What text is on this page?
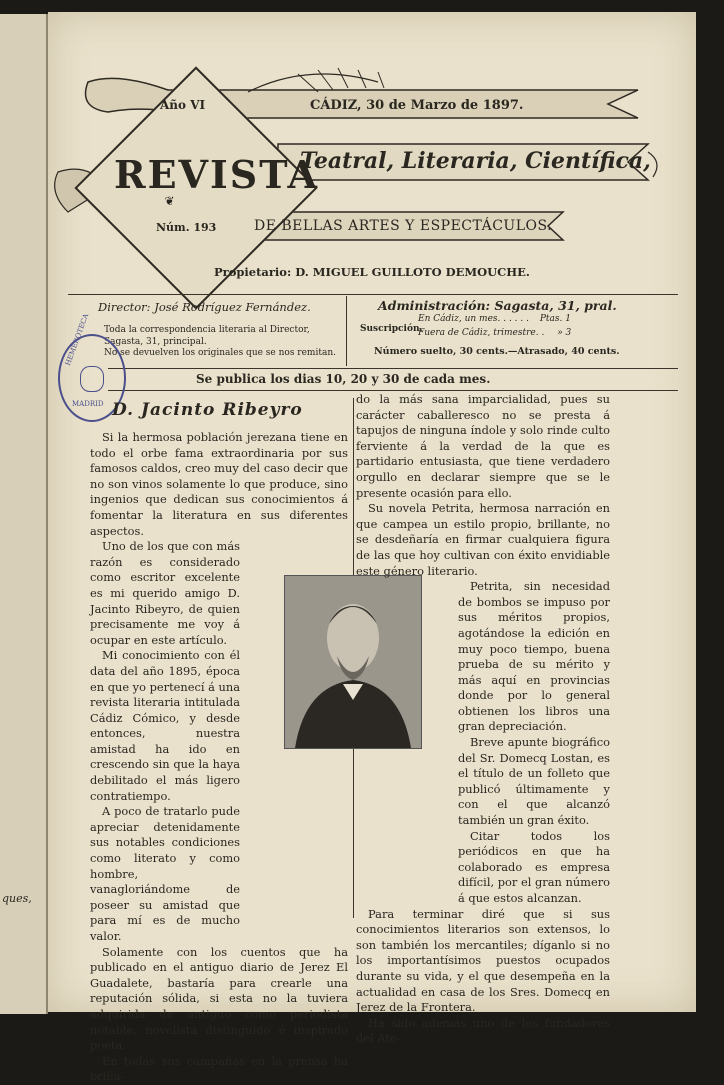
ques,
Año VI	CÁDIZ, 30 de Marzo de 1897.
REVISTA
❦
Núm. 193
Teatral, Literaria, Científica,
DE BELLAS ARTES Y ESPECTÁCULOS.
Propietario: D. MIGUEL GUILLOTO DEMOUCHE.
Director: José Rodríguez Fernández.
Toda la correspondencia literaria al Director, Sagasta, 31, principal.
No se devuelven los originales que se nos remitan.
Administración: Sagasta, 31, pral.
Suscripción.
En Cádiz, un mes. . . . . . Ptas. 1
Fuera de Cádiz, trimestre. . » 3
Número suelto, 30 cents.—Atrasado, 40 cents.
Se publica los dias 10, 20 y 30 de cada mes.
HEMEROTECA
MADRID D. Jacinto Ribeyro

Si la hermosa población jerezana tiene en todo el orbe fama extraordinaria por sus famosos caldos, creo muy del caso decir que no son vinos solamente lo que produce, sino ingenios que dedican sus conocimientos á fomentar la literatura en sus diferentes aspectos.

Uno de los que con más razón es considerado como escritor excelente es mi querido amigo D. Jacinto Ribeyro, de quien precisamente me voy á ocupar en este artículo.

Mi conocimiento con él data del año 1895, época en que yo pertenecí á una revista literaria intitulada Cádiz Cómico, y desde entonces, nuestra amistad ha ido en crescendo sin que la haya debilitado el más ligero contratiempo.

A poco de tratarlo pude apreciar detenidamente sus notables condiciones como literato y como hombre, vanagloriándome de poseer su amistad que para mí es de mucho valor.

Solamente con los cuentos que ha publicado en el antiguo diario de Jerez El Guadalete, bastaría para crearle una reputación sólida, si esta no la tuviera adquirida de antiguo como periodista notable, novelista distinguido é inspirado poeta.

En todas sus campañas en la prensa ha brilla-

do la más sana imparcialidad, pues su carácter caballeresco no se presta á tapujos de ninguna índole y solo rinde culto ferviente á la verdad de la que es partidario entusiasta, que tiene verdadero orgullo en declarar siempre que se le presente ocasión para ello.

Su novela Petrita, hermosa narración en que campea un estilo propio, brillante, no se desdeñaría en firmar cualquiera figura de las que hoy cultivan con éxito envidiable este género literario.

Petrita, sin necesidad de bombos se impuso por sus méritos propios, agotándose la edición en muy poco tiempo, buena prueba de su mérito y más aquí en provincias donde por lo general obtienen los libros una gran depreciación.

Breve apunte biográfico del Sr. Domecq Lostan, es el título de un folleto que publicó últimamente y con el que alcanzó también un gran éxito.

Citar todos los periódicos en que ha colaborado es empresa difícil, por el gran número á que estos alcanzan.

Para terminar diré que si sus conocimientos literarios son extensos, lo son también los mercantiles; díganlo si no los importantísimos puestos ocupados durante su vida, y el que desempeña en la actualidad en casa de los Sres. Domecq en Jerez de la Frontera.

Ha sido además uno de los fundadores del Ate-
